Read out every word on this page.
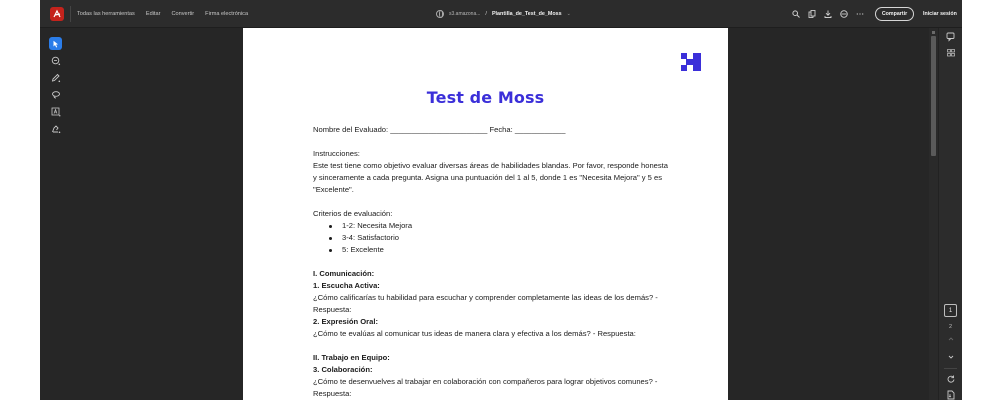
Todas las herramientas Editar Convertir Firma electrónica	s3.amazona... / Plantilla_de_Test_de_Moss ⌄	Compartir	Iniciar sesión
Test de Moss

Nombre del Evaluado: _______________________ Fecha: ____________

Instrucciones:

Este test tiene como objetivo evaluar diversas áreas de habilidades blandas. Por favor, responde honesta y sinceramente a cada pregunta. Asigna una puntuación del 1 al 5, donde 1 es "Necesita Mejora" y 5 es "Excelente".

Criterios de evaluación:

1-2: Necesita Mejora
3-4: Satisfactorio
5: Excelente

I. Comunicación:

1. Escucha Activa:

¿Cómo calificarías tu habilidad para escuchar y comprender completamente las ideas de los demás? - Respuesta:

2. Expresión Oral:

¿Cómo te evalúas al comunicar tus ideas de manera clara y efectiva a los demás? - Respuesta:

II. Trabajo en Equipo:

3. Colaboración:

¿Cómo te desenvuelves al trabajar en colaboración con compañeros para lograr objetivos comunes? - Respuesta:

1
2
